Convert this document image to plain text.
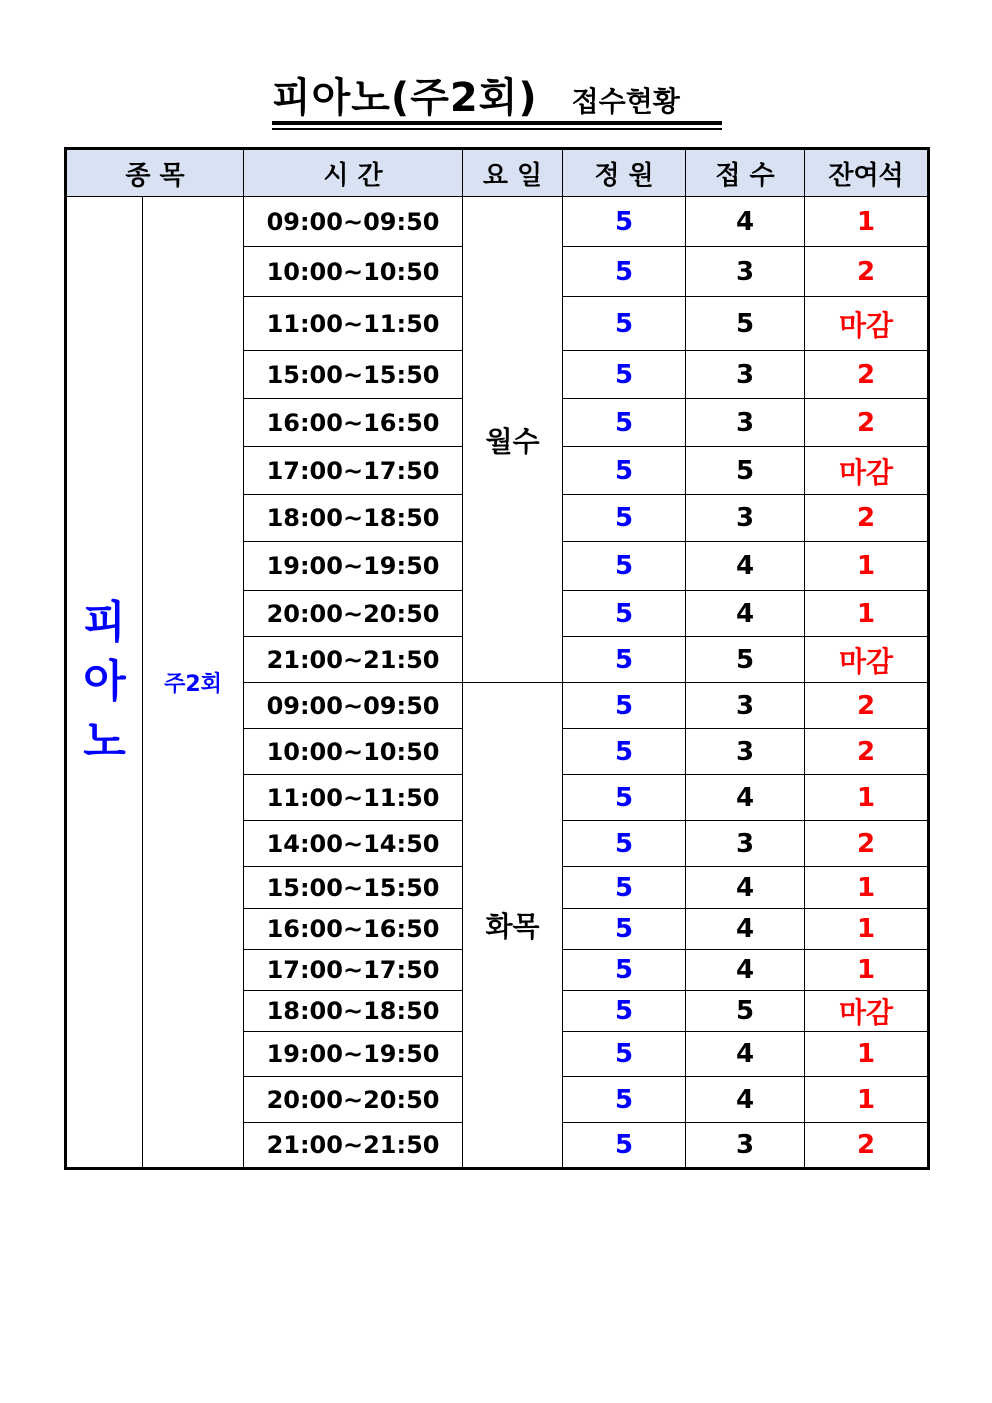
피아노(주2회) 접수현황
종 목		시 간	요 일	정 원	접 수	잔여석

피
아
노	주2회	09:00~09:50	월수	5	4	1
		10:00~10:50		5	3	2
		11:00~11:50		5	5	마감
		15:00~15:50		5	3	2
		16:00~16:50		5	3	2
		17:00~17:50		5	5	마감
		18:00~18:50		5	3	2
		19:00~19:50		5	4	1
		20:00~20:50		5	4	1
		21:00~21:50		5	5	마감
		09:00~09:50	화목	5	3	2
		10:00~10:50		5	3	2
		11:00~11:50		5	4	1
		14:00~14:50		5	3	2
		15:00~15:50		5	4	1
		16:00~16:50		5	4	1
		17:00~17:50		5	4	1
		18:00~18:50		5	5	마감
		19:00~19:50		5	4	1
		20:00~20:50		5	4	1
		21:00~21:50		5	3	2
